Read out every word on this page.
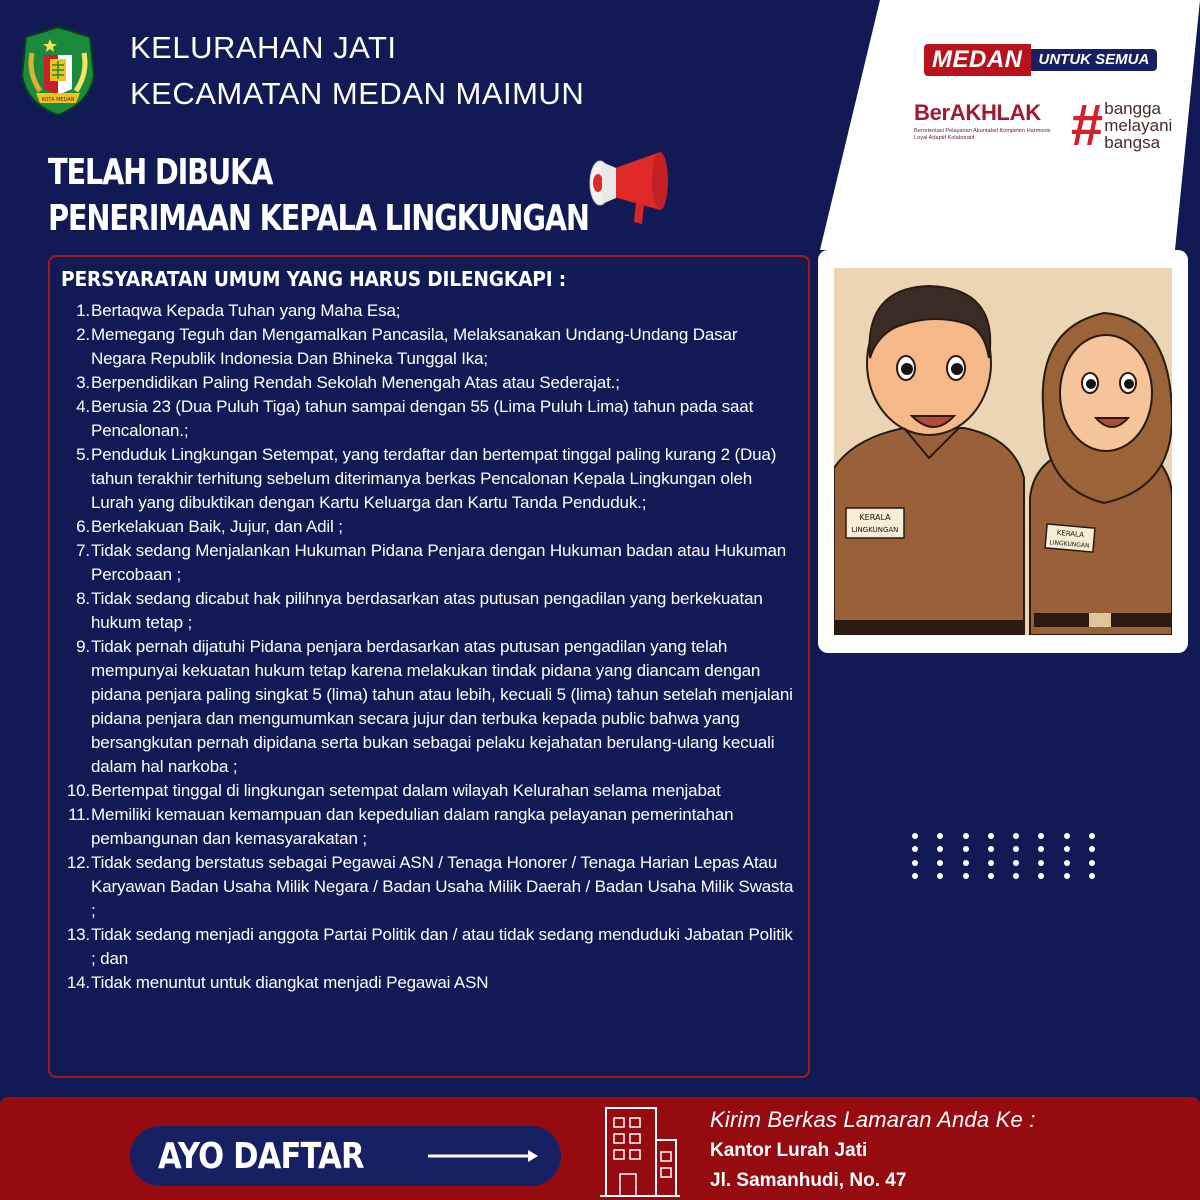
KOTA MEDAN
KELURAHAN JATI
KECAMATAN MEDAN MAIMUN
TELAH DIBUKA
PENERIMAAN KEPALA LINGKUNGAN
MEDAN	UNTUK SEMUA
BerAKHLAK
Berorientasi Pelayanan Akuntabel Kompeten Harmonis Loyal Adaptif Kolaboratif	# bangga
melayani
bangsa
PERSYARATAN UMUM YANG HARUS DILENGKAPI :
1. Bertaqwa Kepada Tuhan yang Maha Esa;
2. Memegang Teguh dan Mengamalkan Pancasila, Melaksanakan Undang-Undang Dasar Negara Republik Indonesia Dan Bhineka Tunggal Ika;
3. Berpendidikan Paling Rendah Sekolah Menengah Atas atau Sederajat.;
4. Berusia 23 (Dua Puluh Tiga) tahun sampai dengan 55 (Lima Puluh Lima) tahun pada saat Pencalonan.;
5. Penduduk Lingkungan Setempat, yang terdaftar dan bertempat tinggal paling kurang 2 (Dua) tahun terakhir terhitung sebelum diterimanya berkas Pencalonan Kepala Lingkungan oleh Lurah yang dibuktikan dengan Kartu Keluarga dan Kartu Tanda Penduduk.;
6. Berkelakuan Baik, Jujur, dan Adil ;
7. Tidak sedang Menjalankan Hukuman Pidana Penjara dengan Hukuman badan atau Hukuman Percobaan ;
8. Tidak sedang dicabut hak pilihnya berdasarkan atas putusan pengadilan yang berkekuatan hukum tetap ;
9. Tidak pernah dijatuhi Pidana penjara berdasarkan atas putusan pengadilan yang telah mempunyai kekuatan hukum tetap karena melakukan tindak pidana yang diancam dengan pidana penjara paling singkat 5 (lima) tahun atau lebih, kecuali 5 (lima) tahun setelah menjalani pidana penjara dan mengumumkan secara jujur dan terbuka kepada public bahwa yang bersangkutan pernah dipidana serta bukan sebagai pelaku kejahatan berulang-ulang kecuali dalam hal narkoba ;
10. Bertempat tinggal di lingkungan setempat dalam wilayah Kelurahan selama menjabat
11. Memiliki kemauan kemampuan dan kepedulian dalam rangka pelayanan pemerintahan pembangunan dan kemasyarakatan ;
12. Tidak sedang berstatus sebagai Pegawai ASN / Tenaga Honorer / Tenaga Harian Lepas Atau Karyawan Badan Usaha Milik Negara / Badan Usaha Milik Daerah / Badan Usaha Milik Swasta ;
13. Tidak sedang menjadi anggota Partai Politik dan / atau tidak sedang menduduki Jabatan Politik ; dan
14. Tidak menuntut untuk diangkat menjadi Pegawai ASN
KERALA
LINGKUNGAN	KERALA
LINGKUNGAN
AYO DAFTAR
Kirim Berkas Lamaran Anda Ke :
Kantor Lurah Jati
Jl. Samanhudi, No. 47
